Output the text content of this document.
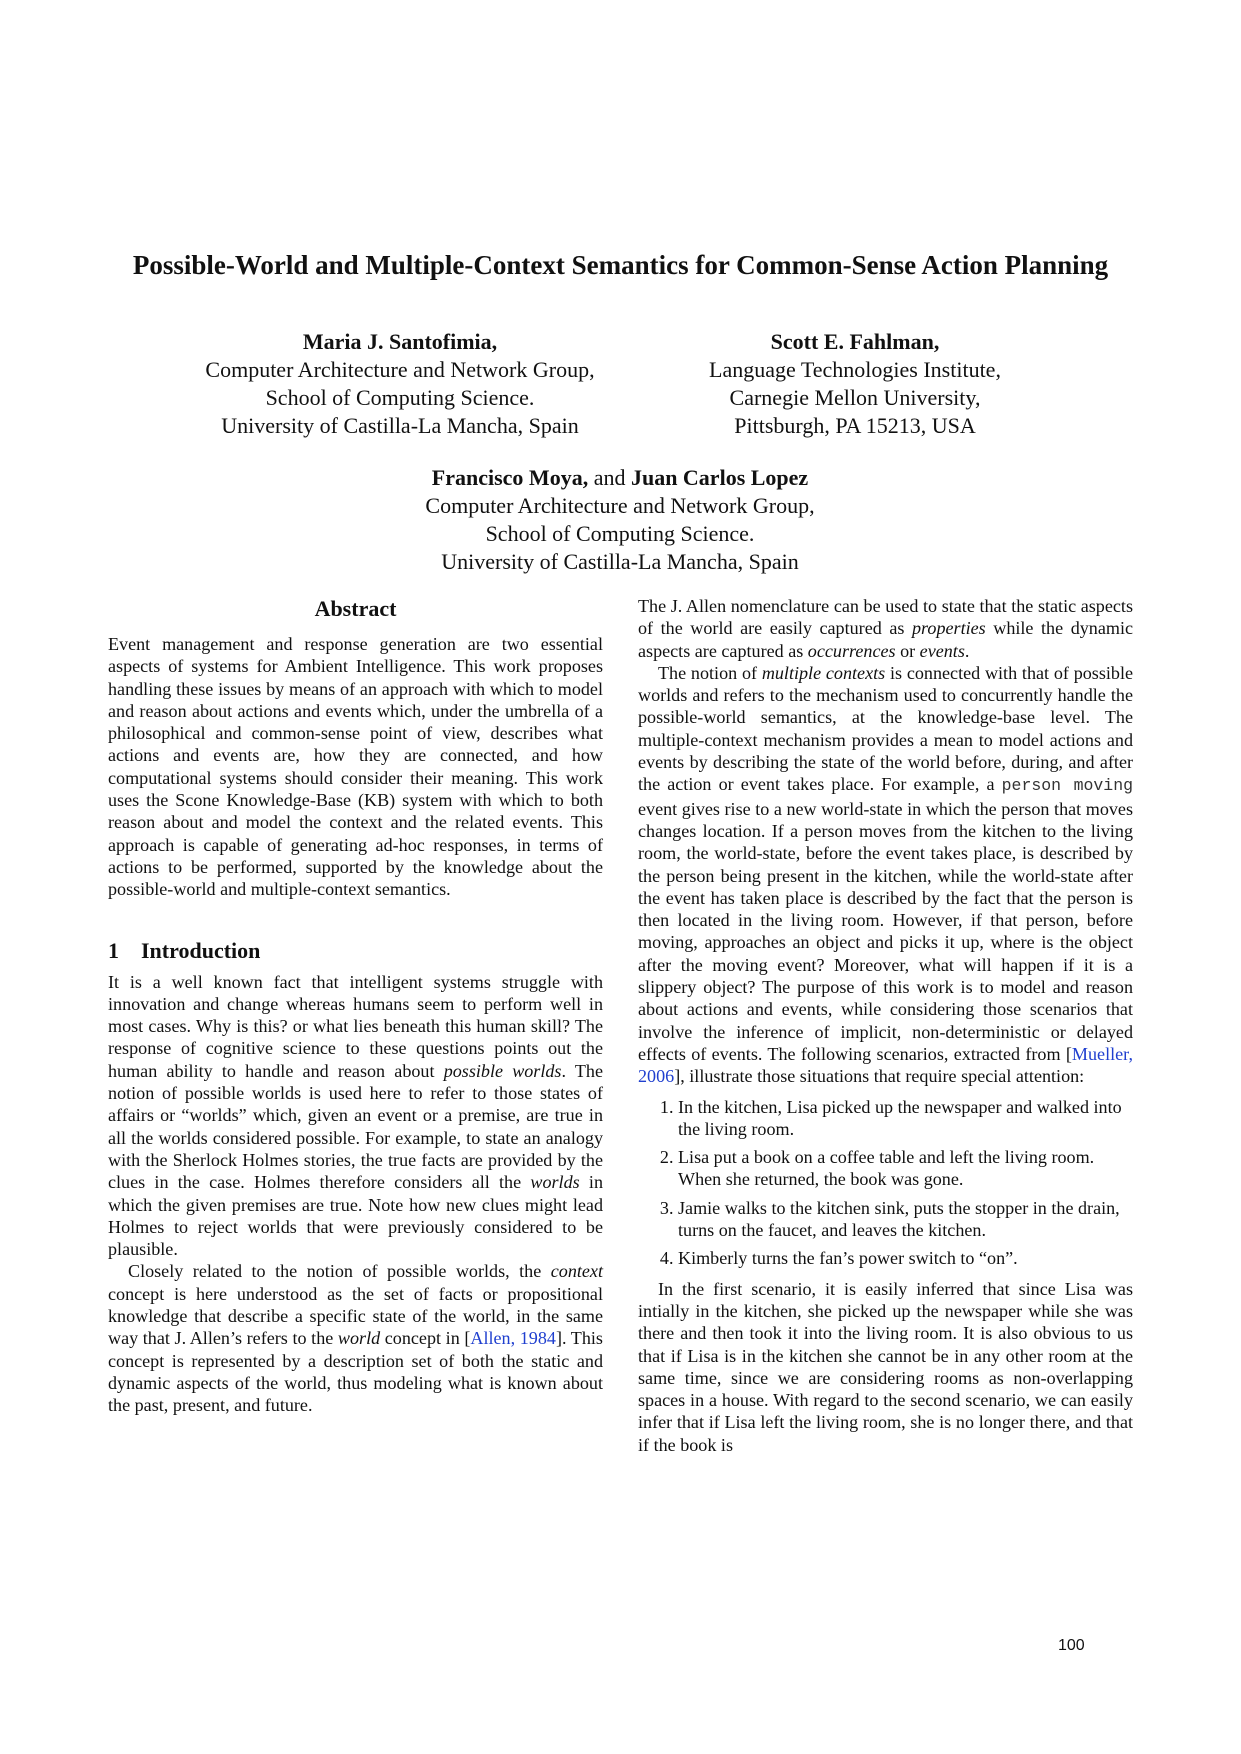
Possible-World and Multiple-Context Semantics for Common-Sense Action Planning
Maria J. Santofimia,
Computer Architecture and Network Group,
School of Computing Science.
University of Castilla-La Mancha, Spain
Scott E. Fahlman,
Language Technologies Institute,
Carnegie Mellon University,
Pittsburgh, PA 15213, USA
Francisco Moya, and Juan Carlos Lopez
Computer Architecture and Network Group,
School of Computing Science.
University of Castilla-La Mancha, Spain
Abstract

Event management and response generation are two essential aspects of systems for Ambient Intelligence. This work proposes handling these issues by means of an approach with which to model and reason about actions and events which, under the umbrella of a philosophical and common-sense point of view, describes what actions and events are, how they are connected, and how computational systems should consider their meaning. This work uses the Scone Knowledge-Base (KB) system with which to both reason about and model the context and the related events. This approach is capable of generating ad-hoc responses, in terms of actions to be performed, supported by the knowledge about the possible-world and multiple-context semantics.

1 Introduction

It is a well known fact that intelligent systems struggle with innovation and change whereas humans seem to perform well in most cases. Why is this? or what lies beneath this human skill? The response of cognitive science to these questions points out the human ability to handle and reason about possible worlds. The notion of possible worlds is used here to refer to those states of affairs or “worlds” which, given an event or a premise, are true in all the worlds considered possible. For example, to state an analogy with the Sherlock Holmes stories, the true facts are provided by the clues in the case. Holmes therefore considers all the worlds in which the given premises are true. Note how new clues might lead Holmes to reject worlds that were previously considered to be plausible.

Closely related to the notion of possible worlds, the context concept is here understood as the set of facts or propositional knowledge that describe a specific state of the world, in the same way that J. Allen’s refers to the world concept in [Allen, 1984]. This concept is represented by a description set of both the static and dynamic aspects of the world, thus modeling what is known about the past, present, and future.

The J. Allen nomenclature can be used to state that the static aspects of the world are easily captured as properties while the dynamic aspects are captured as occurrences or events.

The notion of multiple contexts is connected with that of possible worlds and refers to the mechanism used to concurrently handle the possible-world semantics, at the knowledge-base level. The multiple-context mechanism provides a mean to model actions and events by describing the state of the world before, during, and after the action or event takes place. For example, a person moving event gives rise to a new world-state in which the person that moves changes location. If a person moves from the kitchen to the living room, the world-state, before the event takes place, is described by the person being present in the kitchen, while the world-state after the event has taken place is described by the fact that the person is then located in the living room. However, if that person, before moving, approaches an object and picks it up, where is the object after the moving event? Moreover, what will happen if it is a slippery object? The purpose of this work is to model and reason about actions and events, while considering those scenarios that involve the inference of implicit, non-deterministic or delayed effects of events. The following scenarios, extracted from [Mueller, 2006], illustrate those situations that require special attention:

1. In the kitchen, Lisa picked up the newspaper and walked into the living room.
2. Lisa put a book on a coffee table and left the living room. When she returned, the book was gone.
3. Jamie walks to the kitchen sink, puts the stopper in the drain, turns on the faucet, and leaves the kitchen.
4. Kimberly turns the fan’s power switch to “on”.

In the first scenario, it is easily inferred that since Lisa was intially in the kitchen, she picked up the newspaper while she was there and then took it into the living room. It is also obvious to us that if Lisa is in the kitchen she cannot be in any other room at the same time, since we are considering rooms as non-overlapping spaces in a house. With regard to the second scenario, we can easily infer that if Lisa left the living room, she is no longer there, and that if the book is

100
